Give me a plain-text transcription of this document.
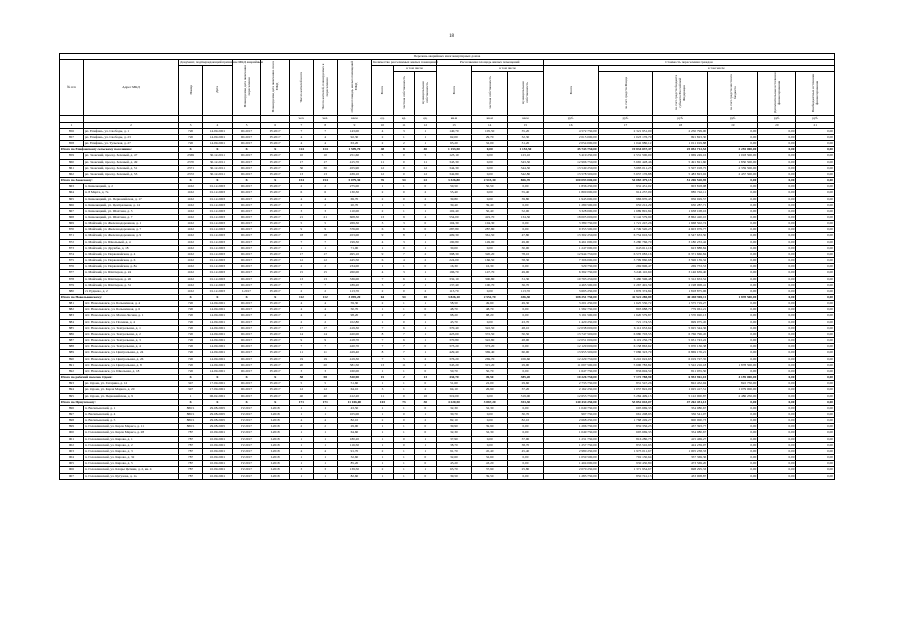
18
Перечень аварийных многоквартирных домов																				
№ п/п	Адрес МКД	Документ, подтверждающий признание МКД аварийным		Планируемая дата окончания переселения	Планируемая дата окончания сноса МКД	Число жителей всего	Число жителей, планируемых к переселению	Общая площадь жилых помещений МКД	Количество расселяемых жилых помещений			Расселяемая площадь жилых помещений			Стоимость переселения граждан					
		Номер	Дата						Всего	в том числе		Всего	в том числе		Всего	в том числе				
										частная собственность	муниципальная собственность		частная собственность	муниципальная собственность		за счет средств Фонда	за счет средств бюджета субъекта Российской Федерации	за счет средств местного бюджета	Дополнительные источники финансирования	Внебюджетные источники финансирования
						чел.	чел.	кв.м	ед.	ед.	ед.	кв.м	кв.м	кв.м	руб.	руб.	руб.	руб.	руб.	руб.
1	2	3	4	5	6	7	8	9	10	11	12	13	14	15	16	17	18	19	20	21
856	рп. Епифань, ул. Свободы, д. 1	720	14.09.2001	III.2017	IV.2017	7	7	143,00	4	3	1	140,70	105,50	35,20	4 572 750,00	2 321 951,00	2 250 799,00	0,00	0,00	0,00
857	рп. Епифань, ул. Свободы, д. 23	720	14.09.2001	III.2017	IV.2017	4	4	92,30	2	1	1	62,00	29,70	32,30	2 015 000,00	1 023 176,70	991 823,30	0,00	0,00	0,00
858	рп. Епифань, ул. Тульская, д. 27	720	14.09.2001	III.2017	IV.2017	4	4	63,20	2	2	1	63,20	32,00	31,20	2 054 000,00	1 042 980,12	1 011 019,88	0,00	0,00	0,00
Итого по Епифанскому сельскому поселению:		X	X	X	X	114	114	1 599,70	48	8	40	1 153,50	0,00	1 153,50	45 743 750,00	19 834 037,47	25 052 712,53	2 255 000,00	0,00	0,00
859	рп. Заокский, проезд. Зеленый, д. 47	2369	30.12.2011	III.2017	IV.2017	10	10	251,60	5	0	5	123,10	0,00	123,10	5 419 250,00	2 531 500,00	1 969 249,16	1 018 500,00	0,00	0,00
860	рп. Заокский, проезд. Зеленый, д. 49	2370	30.12.2011	III.2017	IV.2017	17	17	415,70	11	0	11	343,30	0,00	343,30	12 996 750,00	5 665 428,46	5 491 821,60	1 830 500,00	0,00	0,00
861	рп. Заокский, проезд. Зеленый, д. 51	2371	30.12.2011	III.2017	IV.2017	30	30	455,90	12	0	12	344,30	0,00	344,30	13 549 250,00	5 683 011,25	5 507 018,75	2 359 500,00	0,00	0,00
862	рп. Заокский, проезд. Зеленый, д. 53	2372	30.12.2011	III.2017	IV.2017	13	13	439,10	12	0	12	342,80	0,00	342,80	13 578 500,00	5 657 176,88	5 483 823,02	2 437 500,00	0,00	0,00
Итого по Заокскому:		X	X	X	X	154	154	5 079,30	76	54	22	3 326,80	2 515,30	806,70	100 093 000,00	54 083 479,15	51 206 520,95	0,00	0,00	0,00
863	п. Каменецкий, д. 2	1162	01.12.2003	III.2017	IV.2017	2	2	275,00	1	1	0	50,50	50,50	0,00	1 836 250,00	932 431,02	903 818,98	0,00	0,00	0,00
864	п. 8 Марта, д. 7а	1162	01.12.2003	III.2017	IV.2017	6	6	130,30	2	0	2	55,40	0,00	55,40	1 800 000,00	914 257,09	885 742,11	0,00	0,00	0,00
865	п. Каменецкий, ул. Первомайская, д. 17	1162	01.12.2003	III.2017	IV.2017	4	4	69,70	2	0	2	39,80	0,00	39,80	1 943 000,00	986 970,43	956 029,57	0,00	0,00	0,00
866	п. Каменецкий, ул. Центральная, д. 14	1162	01.12.2003	III.2017	IV.2017	2	2	20,70	1	1	0	39,40	39,40	0,00	1 280 500,00	650 212,29	630 287,71	0,00	0,00	0,00
867	п. Каменецкий, ул. Шахтная, д. 3	1162	01.12.2003	III.2017	IV.2017	3	3	110,00	2	1	1	102,40	50,40	52,00	3 328 000,00	1 689 891,84	1 638 108,16	0,00	0,00	0,00
868	п. Каменецкий, ул. Шахтная, д. 7	1162	01.12.2003	III.2017	IV.2017	21	21	608,30	13	9	4	554,00	419,70	134,30	18 005 000,00	9 142 579,90	8 862 420,10	0,00	0,00	0,00
869	п. Майский, ул. Железнодорожная, д. 1	1162	01.12.2003	III.2017	IV.2017	5	5	269,30	3	3	0	104,30	104,30	0,00	3 389 750,00	1 721 247,26	1 668 502,74	0,00	0,00	0,00
870	п. Майский, ул. Железнодорожная, д. 7	1162	01.12.2003	III.2017	IV.2017	9	9	376,00	6	6	0	287,80	287,80	0,00	9 353 500,00	4 749 520,23	4 603 979,77	0,00	0,00	0,00
871	п. Майский, ул. Железнодорожная, д. 9	1162	01.12.2003	III.2017	IV.2017	18	18	453,00	9	8	1	409,30	361,50	47,80	13 302 250,00	6 754 616,50	6 547 633,50	0,00	0,00	0,00
872	п. Майский, ул. Школьный, д. 4	1162	01.12.2003	III.2017	IV.2017	7	7	199,30	4	3	1	190,80	149,00	49,00	6 461 000,00	3 280 766,70	3 180 233,42	0,00	0,00	0,00
873	п. Майский, ул. Дружбы, д. 18	1162	01.12.2003	III.2017	IV.2017	1	1	71,00	1	0	1	30,00	0,00	30,00	1 247 000,00	643 611,16	623 888,84	0,00	0,00	0,00
874	п. Майский, ул. Первомайская, д. 4	1162	01.12.2003	III.2017	IV.2017	17	17	495,10	9	7	2	398,30	320,20	78,10	12 944 750,00	6 573 083,16	6 371 666,84	0,00	0,00	0,00
875	п. Майский, ул. Первомайская, д. 6	1162	01.12.2003	III.2017	IV.2017	12	12	445,50	6	4	2	224,00	166,50	58,30	7 306 000,00	3 709 860,68	3 596 139,32	0,00	0,00	0,00
876	п. Майский, ул. Первомайская, д. 8а	1162	01.12.2003	III.2017	IV.2017	2	2	234,00	1	1	0	16,30	16,30	0,00	529 750,00	269 996,47	269 753,53	0,00	0,00	0,00
877	п. Майский, ул. Шахтеров, д. 24	1162	01.12.2003	III.2017	IV.2017	15	15	260,00	4	3	1	196,70	147,70	49,00	6 392 750,00	3 246 110,60	3 146 639,40	0,00	0,00	0,00
878	п. Майский, ул. Шахтеров, д. 26	1162	01.12.2003	III.2017	IV.2017	13	13	336,00	7	6	1	332,10	300,80	31,30	10 793 250,00	5 480 596,48	5 312 653,52	0,00	0,00	0,00
879	п. Майский, ул. Шахтеров, д. 31	1162	01.12.2003	III.2017	IV.2017	7	7	189,20	3	2	1	137,40	100,70	36,70	4 465 500,00	2 267 491,59	2 198 008,41	0,00	0,00	0,00
880	ст. Руднево, д. 2	1162	01.12.2003	I.2017	IV.2017	2	2	113,70	2	0	2	113,70	0,00	113,70	3 695 250,00	1 876 374,84	1 818 875,06	0,00	0,00	0,00
Итого по Новольвовскому:		X	X	X	X	112	112	3 095,20	64	54	10	3 826,10	2 551,70	436,30	108 251 750,00	42 522 280,89	40 469 969,11	1 878 500,00	0,00	0,00
881	пгт. Новольвовск, ул. Больничная, д. 4	720	14.09.2001	III.2017	IV.2017	4	4	59,30	2	1	1	58,50	49,60	49,30	3 201 250,00	1 625 530,72	1 575 719,27	0,00	0,00	0,00
882	пгт. Новольвовск, ул. Больничная, д. 6	720	14.09.2001	III.2017	IV.2017	4	4	50,70	1	1	0	48,70	48,70	0,00	1 582 750,00	803 688,79	779 061,21	0,00	0,00	0,00
883	пгт. Новольвовск, ул. Малая Лесная, д. 1	720	14.09.2001	III.2017	IV.2017	4	4	98,20	2	2	0	98,20	98,20	0,00	3 191 500,00	1 620 579,87	1 570 920,13	0,00	0,00	0,00
884	пгт. Новольвовск, ул. Полевая, д. 4	720	14.09.2001	III.2017	IV.2017	2	2	102,80	1	0	1	43,70	0,00	43,70	1 420 250,00	721 174,55	699 075,45	0,00	0,00	0,00
885	пгт. Новольвовск, ул. Театральная, д. 1	720	14.09.2001	III.2017	IV.2017	17	17	419,30	7	6	1	370,40	322,50	48,10	12 038 000,00	6 112 653,64	5 925 344,36	0,00	0,00	0,00
886	пгт. Новольвовск, ул. Театральная, д. 2	720	14.09.2001	III.2017	IV.2017	14	14	420,00	8	7	1	423,00	372,50	50,50	13 747 500,00	6 980 703,55	6 766 796,45	0,00	0,00	0,00
887	пгт. Новольвовск, ул. Театральная, д. 3	720	14.09.2001	III.2017	IV.2017	9	9	418,70	7	6	1	370,80	322,80	48,00	12 051 000,00	6 119 256,78	5 931 743,22	0,00	0,00	0,00
888	пгт. Новольвовск, ул. Театральная, д. 4	720	14.09.2001	III.2017	IV.2017	7	7	420,70	7	7	0	373,20	373,20	0,00	12 129 000,00	6 158 863,62	5 970 136,38	0,00	0,00	0,00
889	пгт. Новольвовск, ул. Центральная, д. 24	720	14.09.2001	III.2017	IV.2017	11	11	429,40	8	7	1	429,40	369,40	60,00	13 955 500,00	7 086 323,79	6 869 176,21	0,00	0,00	0,00
890	пгт. Новольвовск, ул. Центральная, д. 26	720	14.09.2001	III.2017	IV.2017	19	19	419,30	7	5	2	376,20	269,70	106,60	12 229 750,00	6 210 022,65	6 019 727,35	0,00	0,00	0,00
891	пгт. Новольвовск, ул. Центральная, д. 8	720	14.09.2001	III.2017	IV.2017	20	20	381,50	13	11	2	345,20	315,20	29,90	11 097 500,00	5 696 783,82	5 522 216,18	1 878 500,00	0,00	0,00
892	пгт. Новольвовск, ул. Школьная, д. 18	720	14.09.2001	III.2017	IV.2017	3	3	160,00	1	1	0	50,70	50,70	0,00	1 647 750,00	836 694,50	811 055,50	0,00	0,00	0,00
Итого по рабочий поселок Одоев:		X	X	X	X	58	58	520,90	15	2	13	434,70	49,50	385,20	10 226 750,00	7 172 788,90	6 953 961,10	4 159 000,00	0,00	0,00
893	рп. Одоев, ул. Гагарина, д. 12	347	17.09.2001	III.2017	IV.2017	5	5	51,60	1	1	0	51,60	22,00	29,60	2 733 750,00	831 547,26	822 452,94	822 750,00	0,00	0,00
894	рп. Одоев, ул. Карла Маркса, д. 20	347	17.09.2001	III.2017	IV.2017	12	12	64,10	3	1	2	64,10	26,90	37,20	2 162 250,00	1 057 822,09	1 025 417,51	1 079 000,00	0,00	0,00
895	рп. Одоев, ул. Первомайская, д. 9	1	06.02.2001	III.2017	IV.2017	40	40	412,20	11	0	10	319,00	0,00	319,00	12 653 750,00	5 284 499,13	5 122 000,87	2 486 250,00	0,00	0,00
Итого по Приупскому:		X	X	X	X	171	171	11 106,00	103	73	30	4 220,50	3 867,20	353,30	140 434 250,00	53 852 043,07	47 262 451,13	0,00	0,00	0,00
896	п. Васильевский, д. 1	880/1	29.08.2005	IV.2017	I.2018	1	1	43,50	1	1	0	32,30	32,30	0,00	1 049 750,00	695 669,33	354 080,67	0,00	0,00	0,00
897	п. Васильевский, д. 4	880/1	29.08.2005	IV.2017	I.2018	1	1	105,00	1	0	1	30,70	0,00	30,70	997 750,00	661 208,93	336 541,07	0,00	0,00	0,00
898	п. Васильевский, д. 5	880/1	29.08.2005	IV.2017	I.2018	4	4	82,10	2	0	2	82,10	0,00	82,10	2 668 250,00	1 768 249,27	900 000,73	0,00	0,00	0,00
899	п. Головлинский, ул. Карла Маркса, д. 11	880/1	29.08.2005	IV.2017	I.2018	2	2	29,90	1	1	0	39,90	39,90	0,00	1 296 750,00	859 356,23	437 393,77	0,00	0,00	0,00
900	п. Головлинский, ул. Карла Маркса, д. 28	787	10.09.2001	IV.2017	I.2018	1	1	64,60	1	1	0	32,30	32,30	0,00	1 049 750,00	695 669,33	354 080,67	0,00	0,00	0,00
901	п. Головлинский, ул. Кирова, д. 1	787	10.09.2001	IV.2017	I.2018	1	1	180,20	1	0	1	37,90	0,00	37,90	1 231 750,00	816 280,73	415 469,27	0,00	0,00	0,00
902	п. Головлинский, ул. Кирова, д. 2	787	10.09.2001	IV.2017	I.2018	1	1	116,50	1	0	1	38,70	0,00	38,70	1 257 750,00	833 510,93	424 239,07	0,00	0,00	0,00
903	п. Головлинский, ул. Кирова, д. 3	787	10.09.2001	IV.2017	I.2018	4	4	91,70	2	1	1	91,70	45,40	45,40	2 980 250,00	1 975 011,67	1 005 238,33	0,00	0,00	0,00
904	п. Головлинский, ул. Кирова, д. 32	787	10.09.2001	IV.2017	I.2018	1	1	32,60	1	1	0	32,60	32,60	0,00	1 059 500,00	702 130,64	357 369,36	0,00	0,00	0,00
905	п. Головлинский, ул. Кирова, д. 5	787	10.09.2001	IV.2017	I.2018	1	1	85,20	1	1	0	43,20	43,20	0,00	1 404 000,00	930 430,80	473 569,20	0,00	0,00	0,00
906	п. Головлинский, ул. Клары Цеткин, д. 2, кв. 4	787	10.09.2001	IV.2017	I.2018	3	3	139,50	2	1	1	63,70	37,90	25,80	2 070 250,00	1 371 954,67	698 295,33	0,00	0,00	0,00
907	п. Головлинский, ул. Кутузова, д. 1а	787	10.09.2001	IV.2017	I.2018	1	1	82,60	1	1	0	39,50	39,50	0,00	1 283 750,00	850 741,13	433 008,87	0,00	0,00	0,00
